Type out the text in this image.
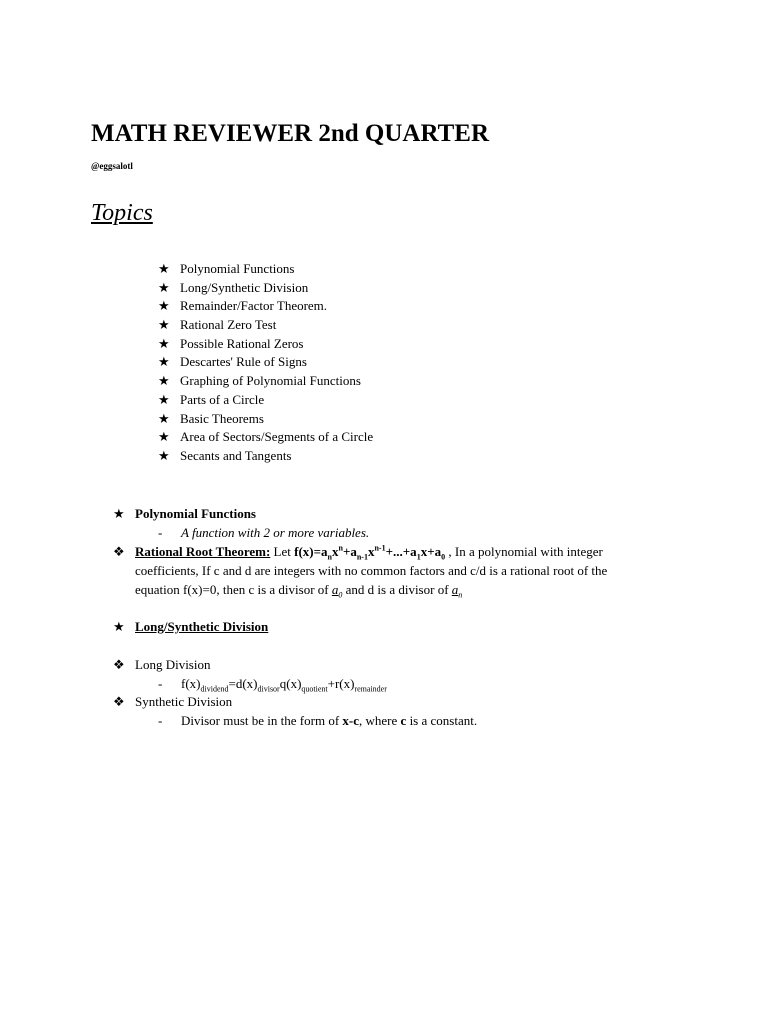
MATH REVIEWER 2nd QUARTER
@eggsalotl
Topics
★ Polynomial Functions
★ Long/Synthetic Division
★ Remainder/Factor Theorem.
★ Rational Zero Test
★ Possible Rational Zeros
★ Descartes' Rule of Signs
★ Graphing of Polynomial Functions
★ Parts of a Circle
★ Basic Theorems
★ Area of Sectors/Segments of a Circle
★ Secants and Tangents
★ Polynomial Functions
- A function with 2 or more variables.
❖ Rational Root Theorem: Let $f(x)=a_nx^n+a_{n-1}x^{n-1}+...+a_1x+a_0$ , In a polynomial with integer
coefficients, If c and d are integers with no common factors and c/d is a rational root of the
equation f(x)=0, then c is a divisor of $a_0$ and d is a divisor of $a_n$
★ Long/Synthetic Division
❖ Long Division
- $f(x)_{dividend}=d(x)_{divisor}q(x)_{quotient}+r(x)_{remainder}$
❖ Synthetic Division
- Divisor must be in the form of x-c, where c is a constant.
